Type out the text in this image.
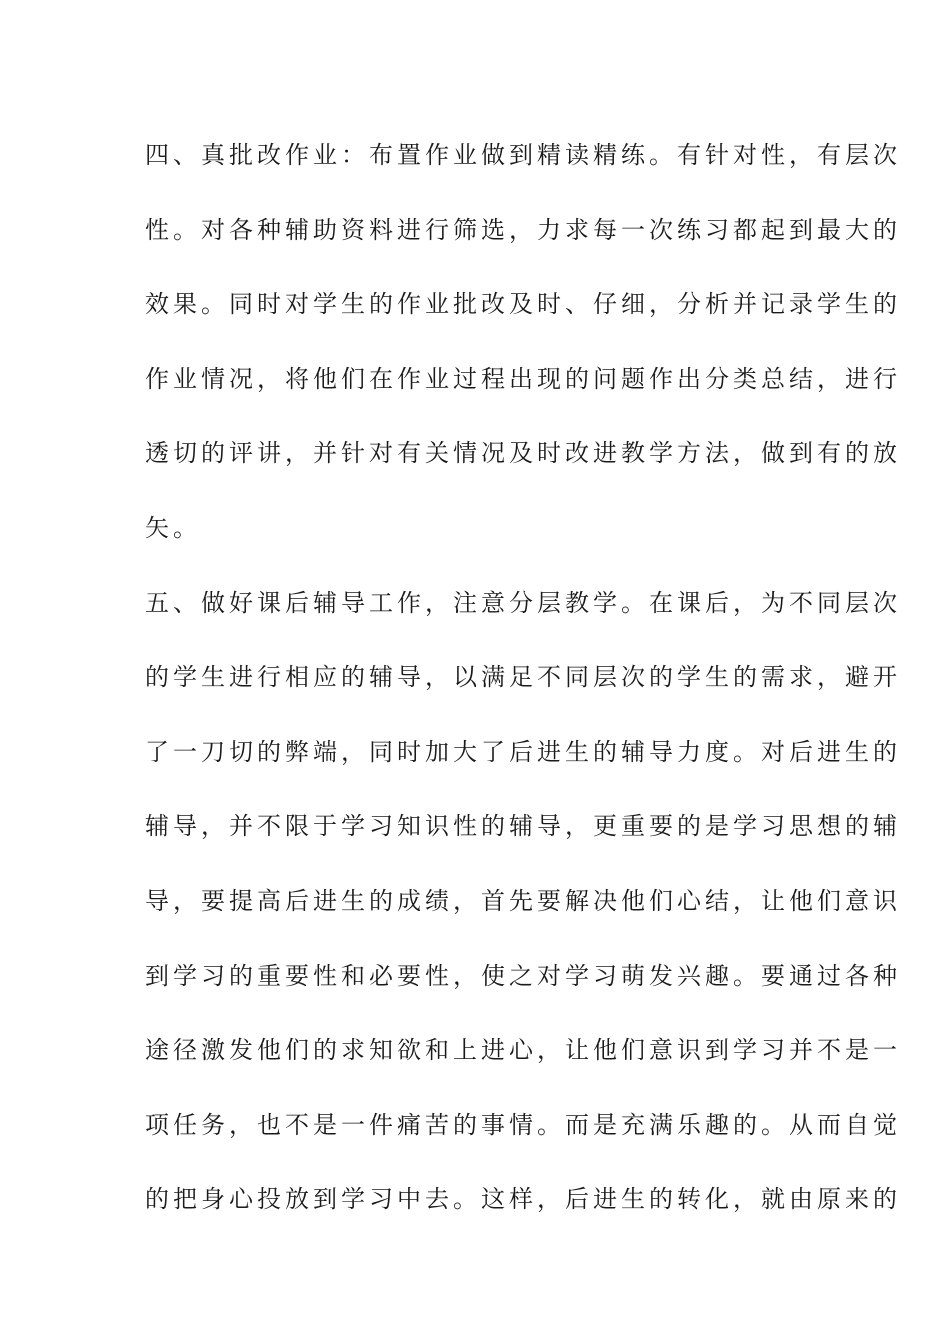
四、真批改作业：布置作业做到精读精练。有针对性，有层次
性。对各种辅助资料进行筛选，力求每一次练习都起到最大的
效果。同时对学生的作业批改及时、仔细，分析并记录学生的
作业情况，将他们在作业过程出现的问题作出分类总结，进行
透切的评讲，并针对有关情况及时改进教学方法，做到有的放
矢。
五、做好课后辅导工作，注意分层教学。在课后，为不同层次
的学生进行相应的辅导，以满足不同层次的学生的需求，避开
了一刀切的弊端，同时加大了后进生的辅导力度。对后进生的
辅导，并不限于学习知识性的辅导，更重要的是学习思想的辅
导，要提高后进生的成绩，首先要解决他们心结，让他们意识
到学习的重要性和必要性，使之对学习萌发兴趣。要通过各种
途径激发他们的求知欲和上进心，让他们意识到学习并不是一
项任务，也不是一件痛苦的事情。而是充满乐趣的。从而自觉
的把身心投放到学习中去。这样，后进生的转化，就由原来的
